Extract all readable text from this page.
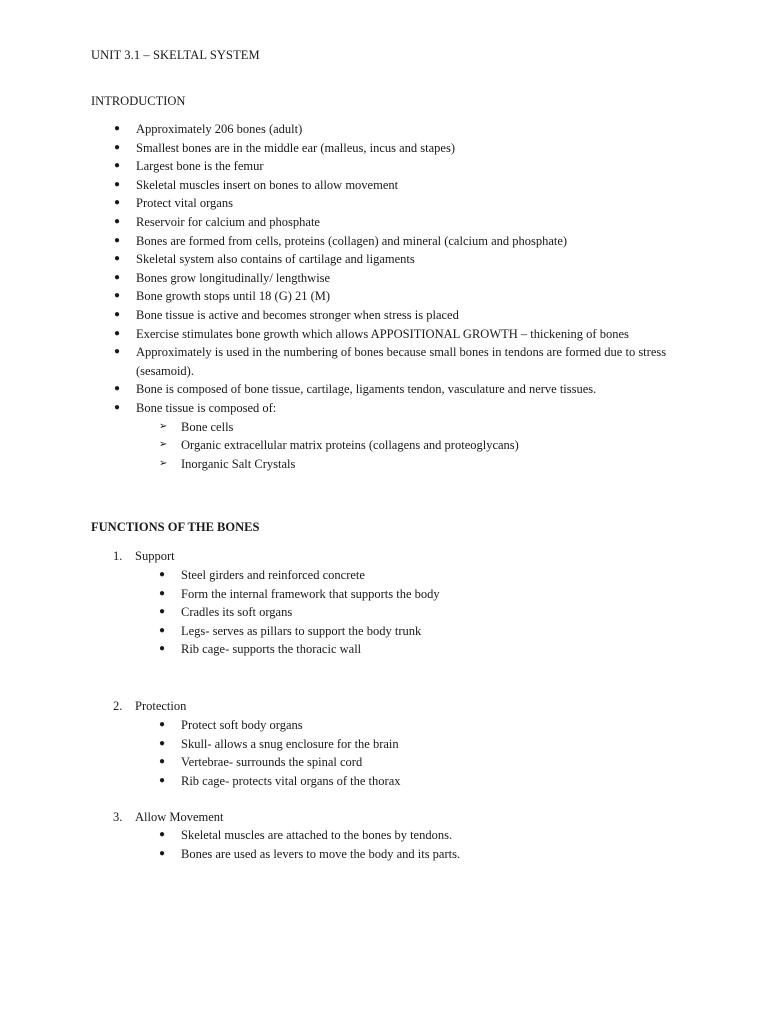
UNIT 3.1 – SKELTAL SYSTEM
INTRODUCTION
●	Approximately 206 bones (adult)
●	Smallest bones are in the middle ear (malleus, incus and stapes)
●	Largest bone is the femur
●	Skeletal muscles insert on bones to allow movement
●	Protect vital organs
●	Reservoir for calcium and phosphate
●	Bones are formed from cells, proteins (collagen) and mineral (calcium and phosphate)
●	Skeletal system also contains of cartilage and ligaments
●	Bones grow longitudinally/ lengthwise
●	Bone growth stops until 18 (G) 21 (M)
●	Bone tissue is active and becomes stronger when stress is placed
●	Exercise stimulates bone growth which allows APPOSITIONAL GROWTH – thickening of bones
●	Approximately is used in the numbering of bones because small bones in tendons are formed due to stress (sesamoid).
●	Bone is composed of bone tissue, cartilage, ligaments tendon, vasculature and nerve tissues.
●	Bone tissue is composed of:
➢ Bone cells
➢ Organic extracellular matrix proteins (collagens and proteoglycans)
➢ Inorganic Salt Crystals
FUNCTIONS OF THE BONES
1. Support
●	Steel girders and reinforced concrete
●	Form the internal framework that supports the body
●	Cradles its soft organs
●	Legs- serves as pillars to support the body trunk
●	Rib cage- supports the thoracic wall
2. Protection
●	Protect soft body organs
●	Skull- allows a snug enclosure for the brain
●	Vertebrae- surrounds the spinal cord
●	Rib cage- protects vital organs of the thorax
3. Allow Movement
●	Skeletal muscles are attached to the bones by tendons.
●	Bones are used as levers to move the body and its parts.
